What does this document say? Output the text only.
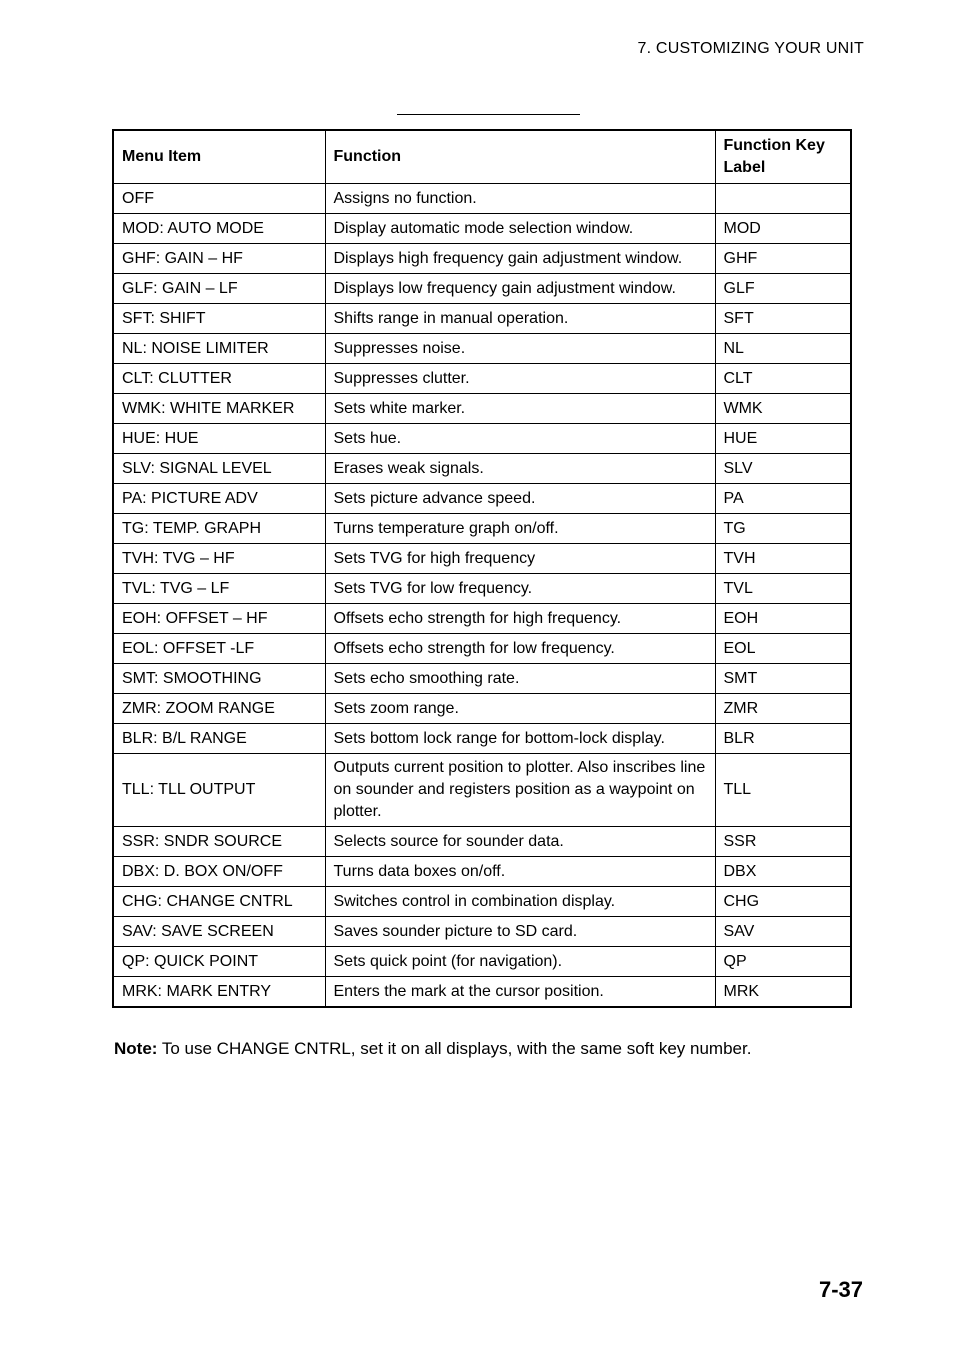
7. CUSTOMIZING YOUR UNIT
Menu Item	Function	Function Key Label
OFF	Assigns no function.	
MOD: AUTO MODE	Display automatic mode selection window.	MOD
GHF: GAIN – HF	Displays high frequency gain adjustment window.	GHF
GLF: GAIN – LF	Displays low frequency gain adjustment window.	GLF
SFT: SHIFT	Shifts range in manual operation.	SFT
NL: NOISE LIMITER	Suppresses noise.	NL
CLT: CLUTTER	Suppresses clutter.	CLT
WMK: WHITE MARKER	Sets white marker.	WMK
HUE: HUE	Sets hue.	HUE
SLV: SIGNAL LEVEL	Erases weak signals.	SLV
PA: PICTURE ADV	Sets picture advance speed.	PA
TG: TEMP. GRAPH	Turns temperature graph on/off.	TG
TVH: TVG – HF	Sets TVG for high frequency	TVH
TVL: TVG – LF	Sets TVG for low frequency.	TVL
EOH: OFFSET – HF	Offsets echo strength for high frequency.	EOH
EOL: OFFSET -LF	Offsets echo strength for low frequency.	EOL
SMT: SMOOTHING	Sets echo smoothing rate.	SMT
ZMR: ZOOM RANGE	Sets zoom range.	ZMR
BLR: B/L RANGE	Sets bottom lock range for bottom-lock display.	BLR
TLL: TLL OUTPUT	Outputs current position to plotter. Also inscribes line on sounder and registers position as a waypoint on plotter.	TLL
SSR: SNDR SOURCE	Selects source for sounder data.	SSR
DBX: D. BOX ON/OFF	Turns data boxes on/off.	DBX
CHG: CHANGE CNTRL	Switches control in combination display.	CHG
SAV: SAVE SCREEN	Saves sounder picture to SD card.	SAV
QP: QUICK POINT	Sets quick point (for navigation).	QP
MRK: MARK ENTRY	Enters the mark at the cursor position.	MRK
Note: To use CHANGE CNTRL, set it on all displays, with the same soft key number.
7-37
